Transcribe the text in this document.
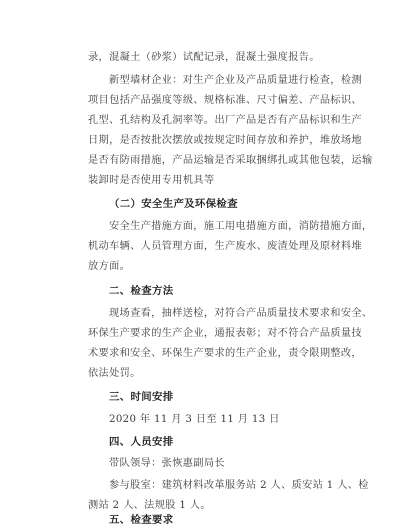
录，混凝土（砂浆）试配记录，混凝土强度报告。
新型墙材企业：对生产企业及产品质量进行检查，检测
项目包括产品强度等级、规格标准、尺寸偏差、产品标识、
孔型、孔结构及孔洞率等。出厂产品是否有产品标识和生产
日期，是否按批次摆放或按规定时间存放和养护，堆放场地
是否有防雨措施，产品运输是否采取捆绑扎或其他包装，运输
装卸时是否使用专用机具等
（二）安全生产及环保检查
安全生产措施方面，施工用电措施方面，消防措施方面，
机动车辆、人员管理方面，生产废水、废渣处理及原材料堆
放方面。
二、检查方法
现场查看，抽样送检，对符合产品质量技术要求和安全、
环保生产要求的生产企业，通报表彰；对不符合产品质量技
术要求和安全、环保生产要求的生产企业，责令限期整改，
依法处罚。
三、时间安排
2020 年 11 月 3 日至 11 月 13 日
四、人员安排
带队领导：张恢惠副局长
参与股室：建筑材料改革服务站 2 人、质安站 1 人、检
测站 2 人、法规股 1 人。
五、检查要求
